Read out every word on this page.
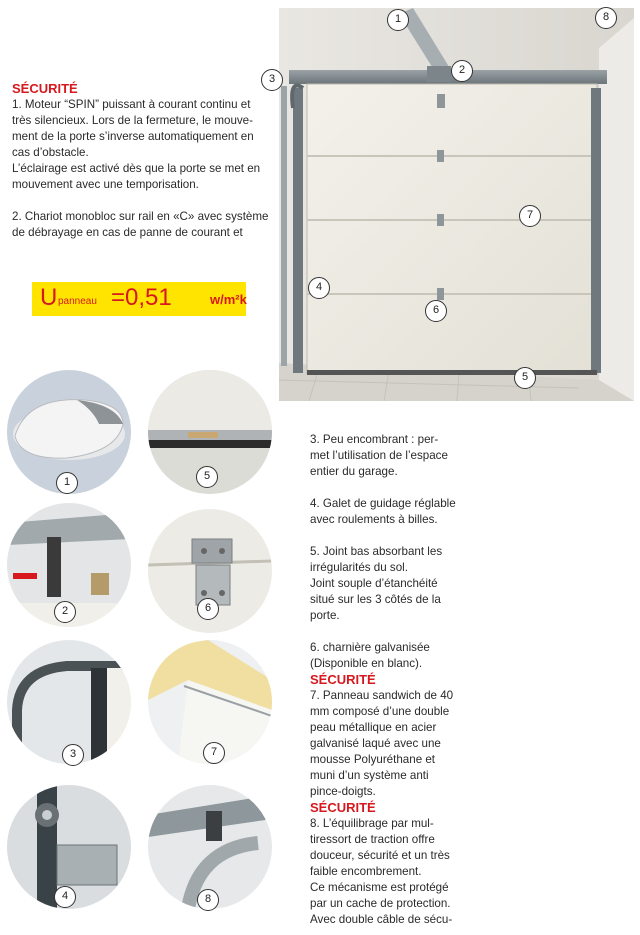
SÉCURITÉ

1. Moteur “SPIN” puissant à courant continu et

très silencieux. Lors de la fermeture, le mouve-

ment de la porte s’inverse automatiquement en

cas d’obstacle.

L’éclairage est activé dès que la porte se met en

mouvement avec une temporisation.

2. Chariot monobloc sur rail en «C» avec système

de débrayage en cas de panne de courant et

U panneau =0,51	w/m²k
1
2
3
4
5
6
7
8
1	5
2	6
3	7
4	8

3. Peu encombrant : per-

met l’utilisation de l’espace

entier du garage.

4. Galet de guidage réglable

avec roulements à billes.

5. Joint bas absorbant les

irrégularités du sol.

Joint souple d’étanchéité

situé sur les 3 côtés de la

porte.

6. charnière galvanisée

(Disponible en blanc).

SÉCURITÉ

7. Panneau sandwich de 40

mm composé d’une double

peau métallique en acier

galvanisé laqué avec une

mousse Polyuréthane et

muni d’un système anti

pince-doigts.

SÉCURITÉ

8. L’équilibrage par mul-

tiressort de traction offre

douceur, sécurité et un très

faible encombrement.

Ce mécanisme est protégé

par un cache de protection.

Avec double câble de sécu-
